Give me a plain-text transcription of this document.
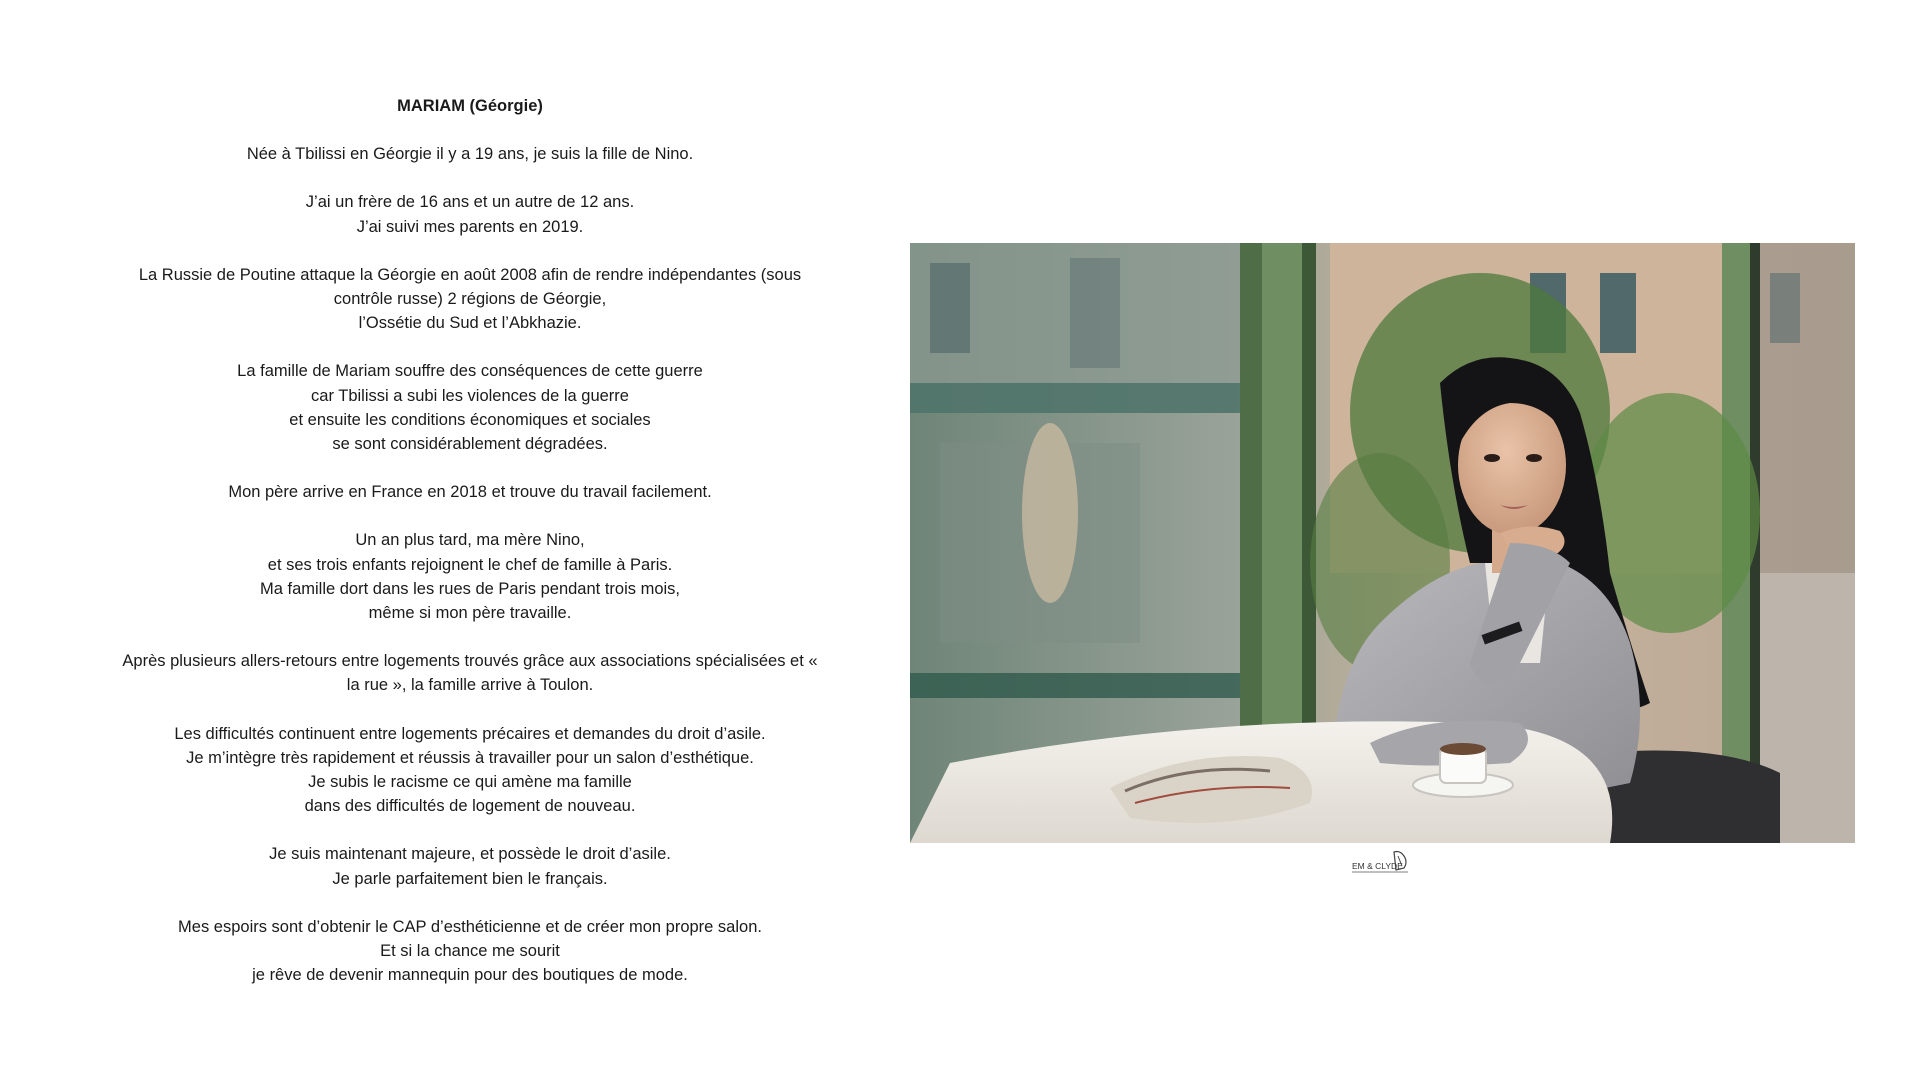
MARIAM (Géorgie)
Née à Tbilissi en Géorgie il y a 19 ans, je suis la fille de Nino.
J’ai un frère de 16 ans et un autre de 12 ans.
J’ai suivi mes parents en 2019.
La Russie de Poutine attaque la Géorgie en août 2008 afin de rendre indépendantes (sous
contrôle russe) 2 régions de Géorgie,
l’Ossétie du Sud et l’Abkhazie.
La famille de Mariam souffre des conséquences de cette guerre
car Tbilissi a subi les violences de la guerre
et ensuite les conditions économiques et sociales
se sont considérablement dégradées.
Mon père arrive en France en 2018 et trouve du travail facilement.
Un an plus tard, ma mère Nino,
et ses trois enfants rejoignent le chef de famille à Paris.
Ma famille dort dans les rues de Paris pendant trois mois,
même si mon père travaille.
Après plusieurs allers-retours entre logements trouvés grâce aux associations spécialisées et «
la rue », la famille arrive à Toulon.
Les difficultés continuent entre logements précaires et demandes du droit d’asile.
Je m’intègre très rapidement et réussis à travailler pour un salon d’esthétique.
Je subis le racisme ce qui amène ma famille
dans des difficultés de logement de nouveau.
Je suis maintenant majeure, et possède le droit d’asile.
Je parle parfaitement bien le français.
Mes espoirs sont d’obtenir le CAP d’esthéticienne et de créer mon propre salon.
Et si la chance me sourit
je rêve de devenir mannequin pour des boutiques de mode.
EM & CLYDE
